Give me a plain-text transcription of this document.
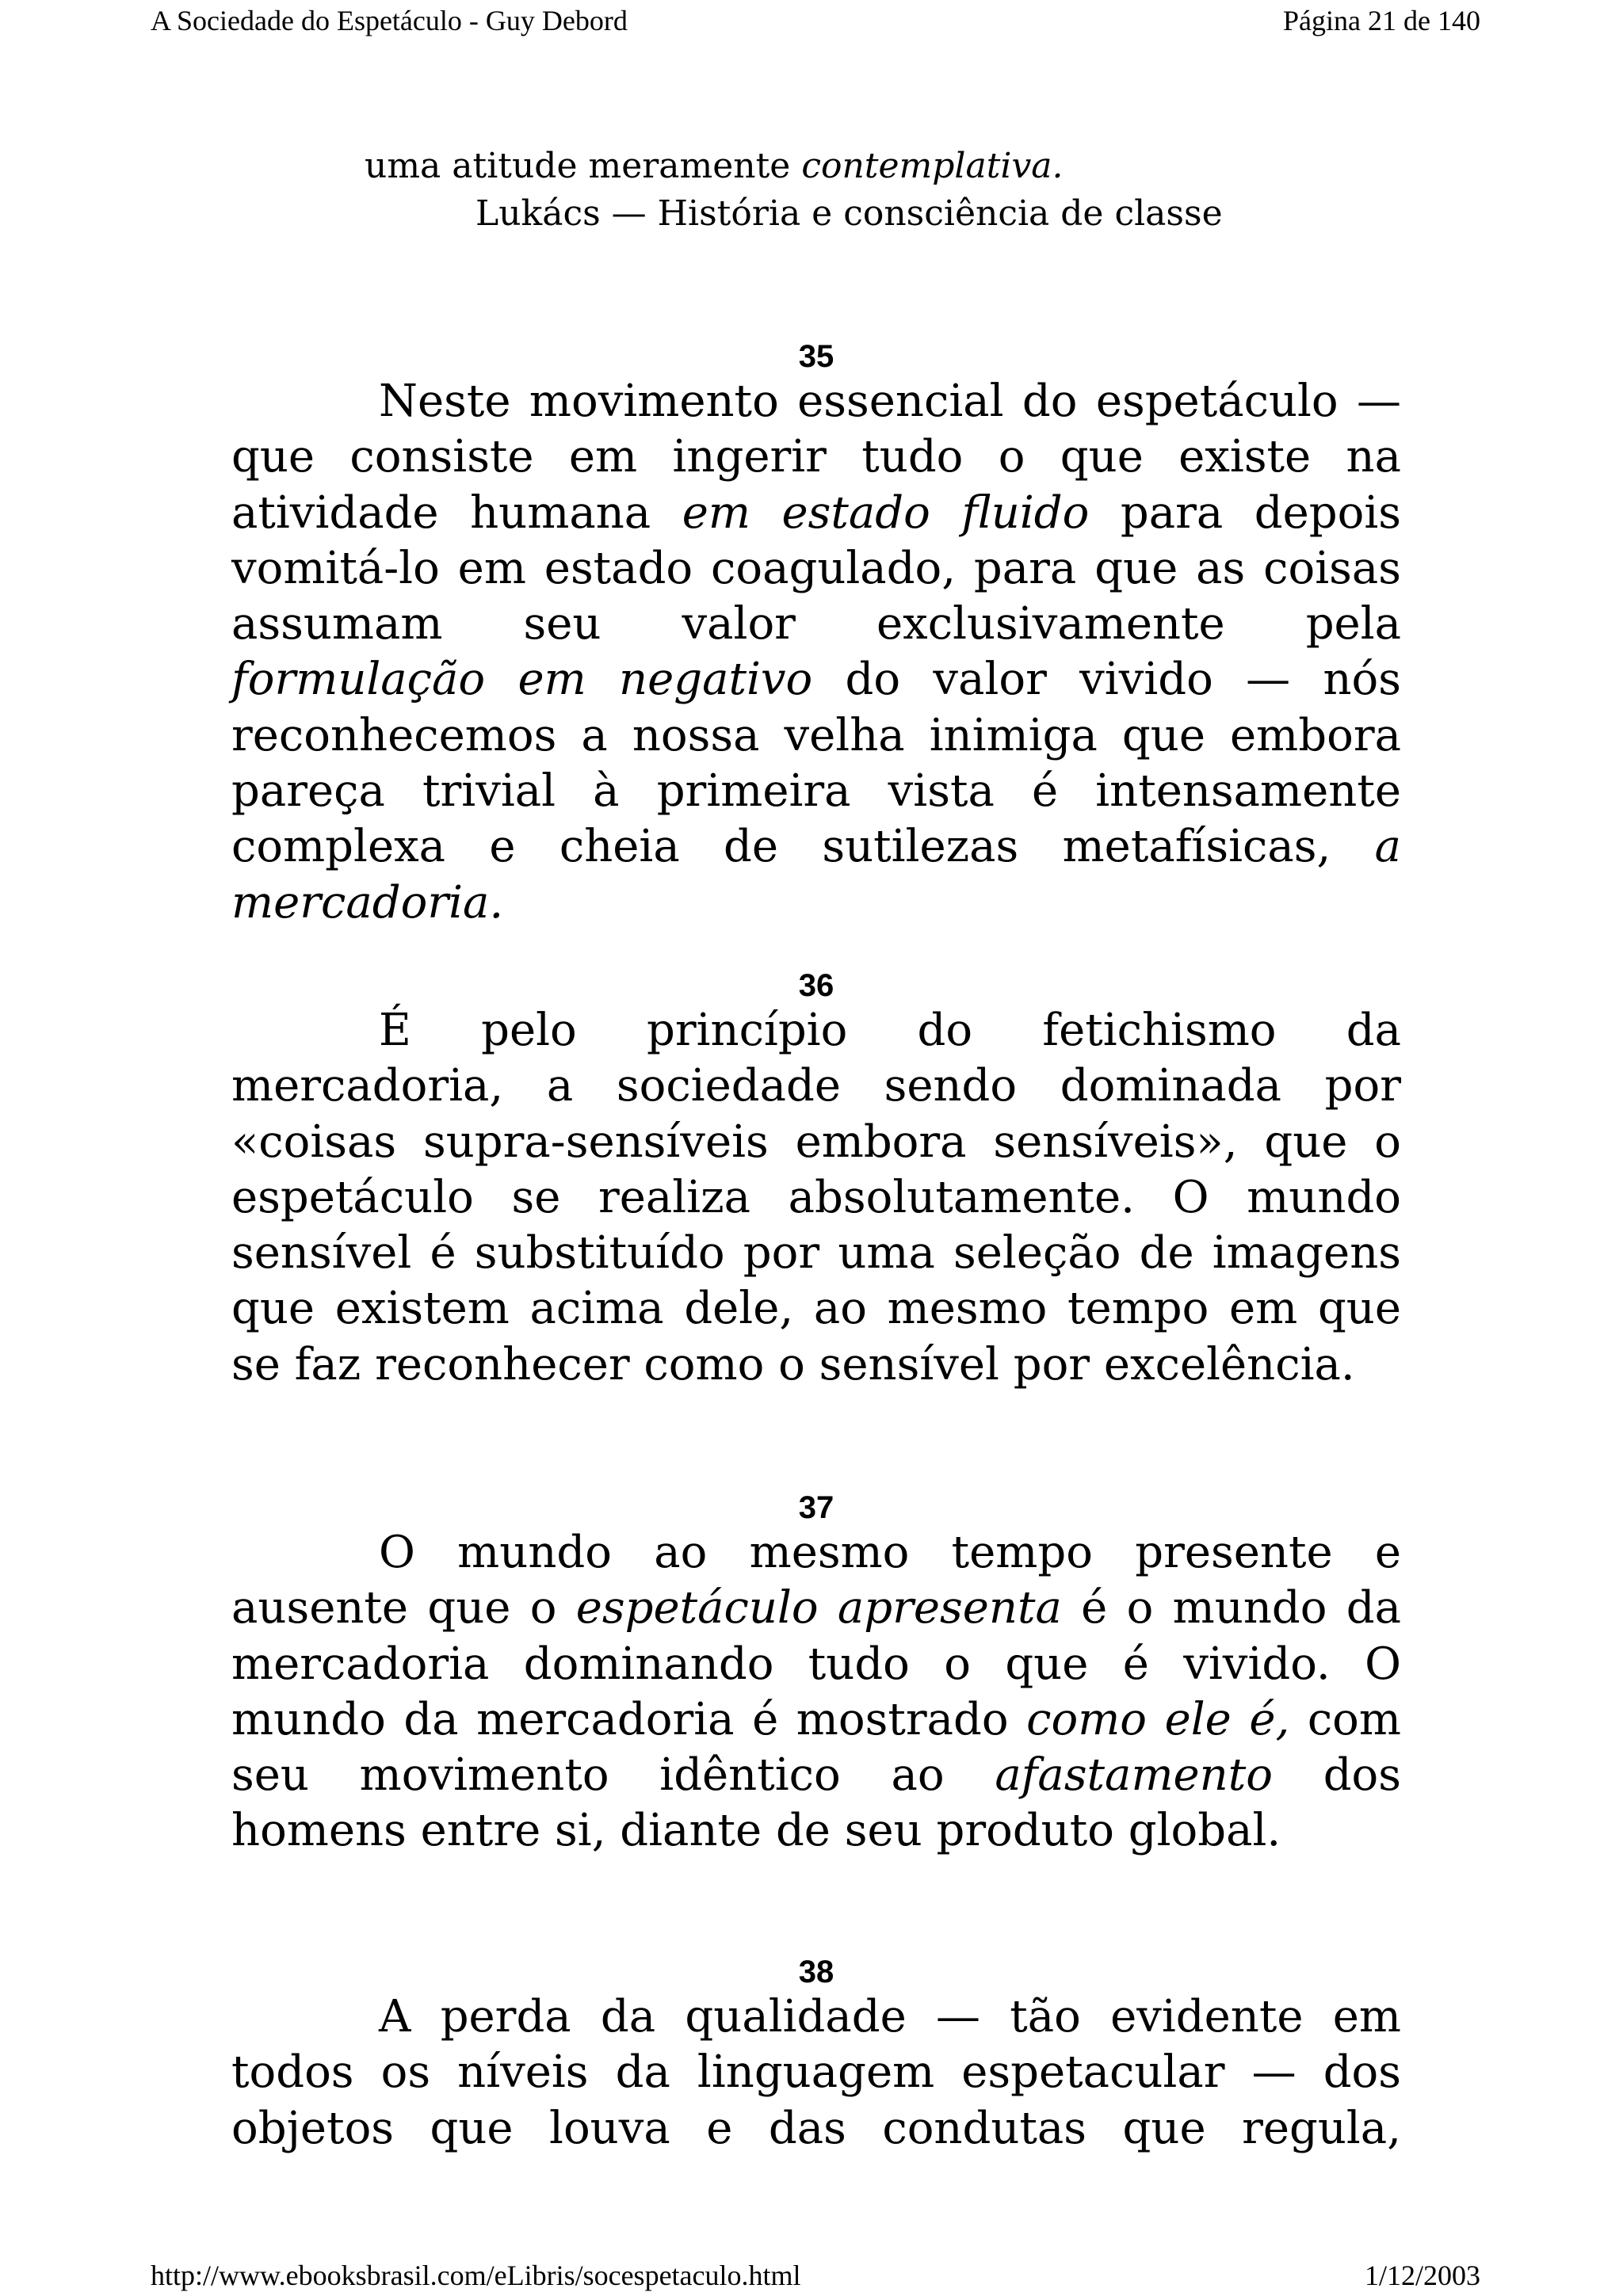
A Sociedade do Espetáculo - Guy Debord	Página 21 de 140
uma atitude meramente contemplativa.
Lukács — História e consciência de classe
35

Neste movimento essencial do espetáculo — que consiste em ingerir tudo o que existe na atividade humana em estado fluido para depois vomitá-lo em estado coagulado, para que as coisas assumam seu valor exclusivamente pela formulação em negativo do valor vivido — nós reconhecemos a nossa velha inimiga que embora pareça trivial à primeira vista é intensamente complexa e cheia de sutilezas metafísicas, a mercadoria.

36

É pelo princípio do fetichismo da mercadoria, a sociedade sendo dominada por «coisas supra-sensíveis embora sensíveis», que o espetáculo se realiza absolutamente. O mundo sensível é substituído por uma seleção de imagens que existem acima dele, ao mesmo tempo em que se faz reconhecer como o sensível por excelência.

37

O mundo ao mesmo tempo presente e ausente que o espetáculo apresenta é o mundo da mercadoria dominando tudo o que é vivido. O mundo da mercadoria é mostrado como ele é, com seu movimento idêntico ao afastamento dos homens entre si, diante de seu produto global.

38

A perda da qualidade — tão evidente em todos os níveis da linguagem espetacular — dos objetos que louva e das condutas que regula,

http://www.ebooksbrasil.com/eLibris/socespetaculo.html	1/12/2003
